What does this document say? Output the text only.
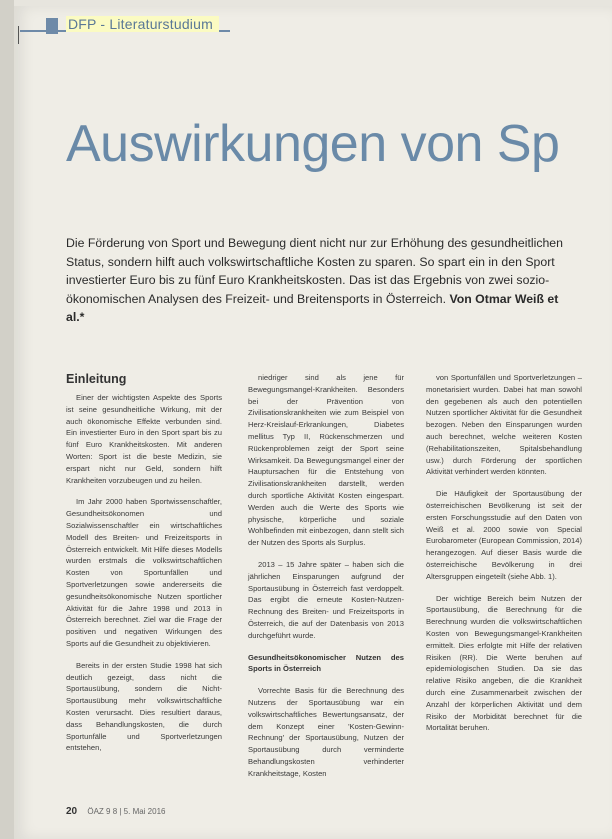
DFP - Literaturstudium
Auswirkungen von Sp

Die Förderung von Sport und Bewegung dient nicht nur zur Erhöhung des gesundheitlichen Status, sondern hilft auch volkswirtschaftliche Kosten zu sparen. So spart ein in den Sport investierter Euro bis zu fünf Euro Krankheitskosten. Das ist das Ergebnis von zwei sozio-ökonomischen Analysen des Freizeit- und Breitensports in Österreich. Von Otmar Weiß et al.*

Einleitung

Einer der wichtigsten Aspekte des Sports ist seine gesundheitliche Wirkung, mit der auch ökonomische Effekte verbunden sind. Ein investierter Euro in den Sport spart bis zu fünf Euro Krankheitskosten. Mit anderen Worten: Sport ist die beste Medizin, sie erspart nicht nur Geld, sondern hilft Krankheiten vorzubeugen und zu heilen.

Im Jahr 2000 haben Sportwissenschaftler, Gesundheitsökonomen und Sozialwissenschaftler ein wirtschaftliches Modell des Breiten- und Freizeitsports in Österreich entwickelt. Mit Hilfe dieses Modells wurden erstmals die volkswirtschaftlichen Kosten von Sportunfällen und Sportverletzungen sowie andererseits die gesundheitsökonomische Nutzen sportlicher Aktivität für die Jahre 1998 und 2013 in Österreich berechnet. Ziel war die Frage der positiven und negativen Wirkungen des Sports auf die Gesundheit zu objektivieren.

Bereits in der ersten Studie 1998 hat sich deutlich gezeigt, dass nicht die Sportausübung, sondern die Nicht-Sportausübung mehr volkswirtschaftliche Kosten verursacht. Dies resultiert daraus, dass Behandlungskosten, die durch Sportunfälle und Sportverletzungen entstehen,

niedriger sind als jene für Bewegungsmangel-Krankheiten. Besonders bei der Prävention von Zivilisationskrankheiten wie zum Beispiel von Herz-Kreislauf-Erkrankungen, Diabetes mellitus Typ II, Rückenschmerzen und Rückenproblemen zeigt der Sport seine Wirksamkeit. Da Bewegungsmangel einer der Hauptursachen für die Entstehung von Zivilisationskrankheiten darstellt, werden durch sportliche Aktivität Kosten eingespart. Werden auch die Werte des Sports wie physische, körperliche und soziale Wohlbefinden mit einbezogen, dann stellt sich der Nutzen des Sports als Surplus.

2013 – 15 Jahre später – haben sich die jährlichen Einsparungen aufgrund der Sportausübung in Österreich fast verdoppelt. Das ergibt die erneute Kosten-Nutzen-Rechnung des Breiten- und Freizeitsports in Österreich, die auf der Datenbasis von 2013 durchgeführt wurde.

Gesundheitsökonomischer Nutzen des Sports in Österreich

Vorrechte Basis für die Berechnung des Nutzens der Sportausübung war ein volkswirtschaftliches Bewertungsansatz, der dem Konzept einer 'Kosten-Gewinn-Rechnung' der Sportausübung, Nutzen der Sportausübung durch verminderte Behandlungskosten verhinderter Krankheitstage, Kosten

von Sportunfällen und Sportverletzungen – monetarisiert wurden. Dabei hat man sowohl den gegebenen als auch den potentiellen Nutzen sportlicher Aktivität für die Gesundheit bezogen. Neben den Einsparungen wurden auch berechnet, welche weiteren Kosten (Rehabilitationszeiten, Spitalsbehandlung usw.) durch Förderung der sportlichen Aktivität verhindert werden könnten.

Die Häufigkeit der Sportausübung der österreichischen Bevölkerung ist seit der ersten Forschungsstudie auf den Daten von Weiß et al. 2000 sowie von Special Eurobarometer (European Commission, 2014) herangezogen. Auf dieser Basis wurde die österreichische Bevölkerung in drei Altersgruppen eingeteilt (siehe Abb. 1).

Der wichtige Bereich beim Nutzen der Sportausübung, die Berechnung für die Berechnung wurden die volkswirtschaftlichen Kosten von Bewegungsmangel-Krankheiten ermittelt. Dies erfolgte mit Hilfe der relativen Risiken (RR). Die Werte beruhen auf epidemiologischen Studien. Da sie das relative Risiko angeben, die die Krankheit durch eine Zusammenarbeit zwischen der Anzahl der körperlichen Aktivität und dem Risiko der Morbidität berechnet für die Mortalität beruhen.

20 ÖAZ 9 8 | 5. Mai 2016
